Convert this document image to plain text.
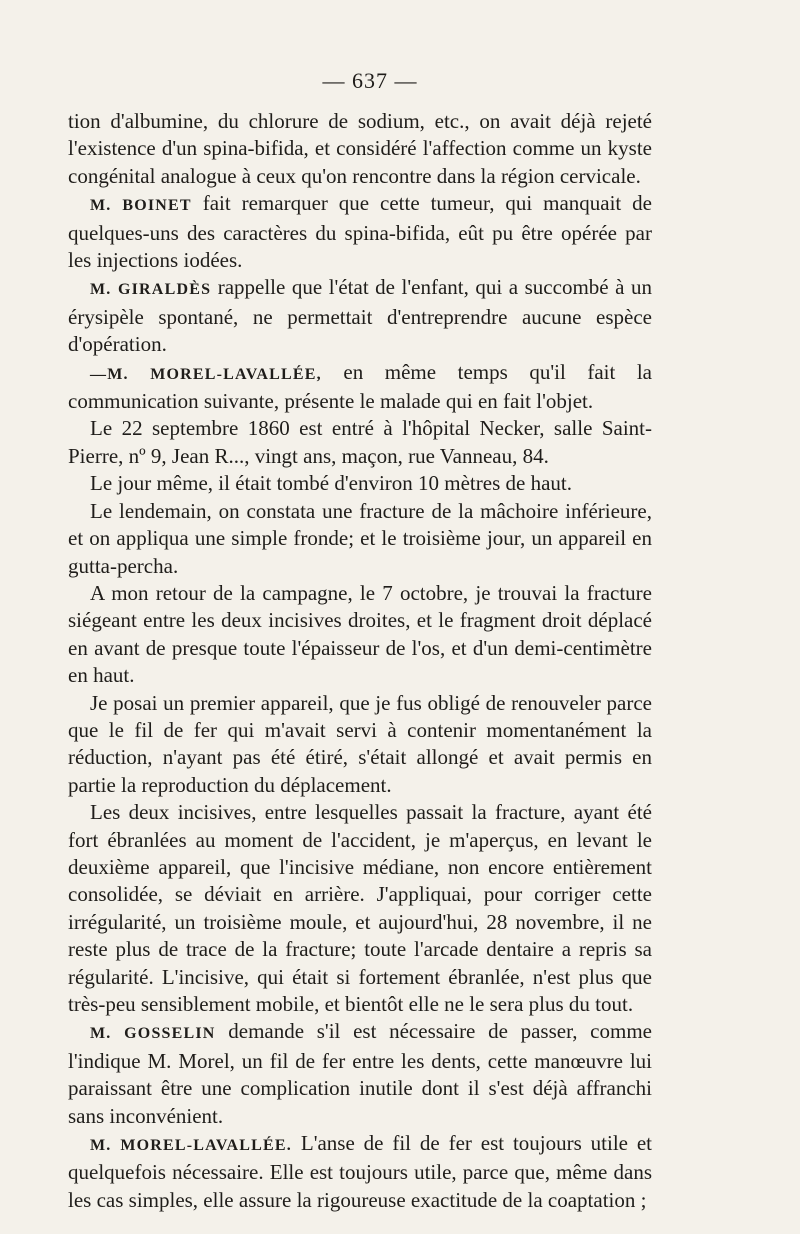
— 637 —

tion d'albumine, du chlorure de sodium, etc., on avait déjà rejeté l'existence d'un spina-bifida, et considéré l'affection comme un kyste congénital analogue à ceux qu'on rencontre dans la région cervicale.

M. BOINET fait remarquer que cette tumeur, qui manquait de quelques-uns des caractères du spina-bifida, eût pu être opérée par les injections iodées.

M. GIRALDÈS rappelle que l'état de l'enfant, qui a succombé à un érysipèle spontané, ne permettait d'entreprendre aucune espèce d'opération.

—M. MOREL-LAVALLÉE, en même temps qu'il fait la communication suivante, présente le malade qui en fait l'objet.

Le 22 septembre 1860 est entré à l'hôpital Necker, salle Saint-Pierre, nº 9, Jean R..., vingt ans, maçon, rue Vanneau, 84.

Le jour même, il était tombé d'environ 10 mètres de haut.

Le lendemain, on constata une fracture de la mâchoire inférieure, et on appliqua une simple fronde; et le troisième jour, un appareil en gutta-percha.

A mon retour de la campagne, le 7 octobre, je trouvai la fracture siégeant entre les deux incisives droites, et le fragment droit déplacé en avant de presque toute l'épaisseur de l'os, et d'un demi-centimètre en haut.

Je posai un premier appareil, que je fus obligé de renouveler parce que le fil de fer qui m'avait servi à contenir momentanément la réduction, n'ayant pas été étiré, s'était allongé et avait permis en partie la reproduction du déplacement.

Les deux incisives, entre lesquelles passait la fracture, ayant été fort ébranlées au moment de l'accident, je m'aperçus, en levant le deuxième appareil, que l'incisive médiane, non encore entièrement consolidée, se déviait en arrière. J'appliquai, pour corriger cette irrégularité, un troisième moule, et aujourd'hui, 28 novembre, il ne reste plus de trace de la fracture; toute l'arcade dentaire a repris sa régularité. L'incisive, qui était si fortement ébranlée, n'est plus que très-peu sensiblement mobile, et bientôt elle ne le sera plus du tout.

M. GOSSELIN demande s'il est nécessaire de passer, comme l'indique M. Morel, un fil de fer entre les dents, cette manœuvre lui paraissant être une complication inutile dont il s'est déjà affranchi sans inconvénient.

M. MOREL-LAVALLÉE. L'anse de fil de fer est toujours utile et quelquefois nécessaire. Elle est toujours utile, parce que, même dans les cas simples, elle assure la rigoureuse exactitude de la coaptation ;
